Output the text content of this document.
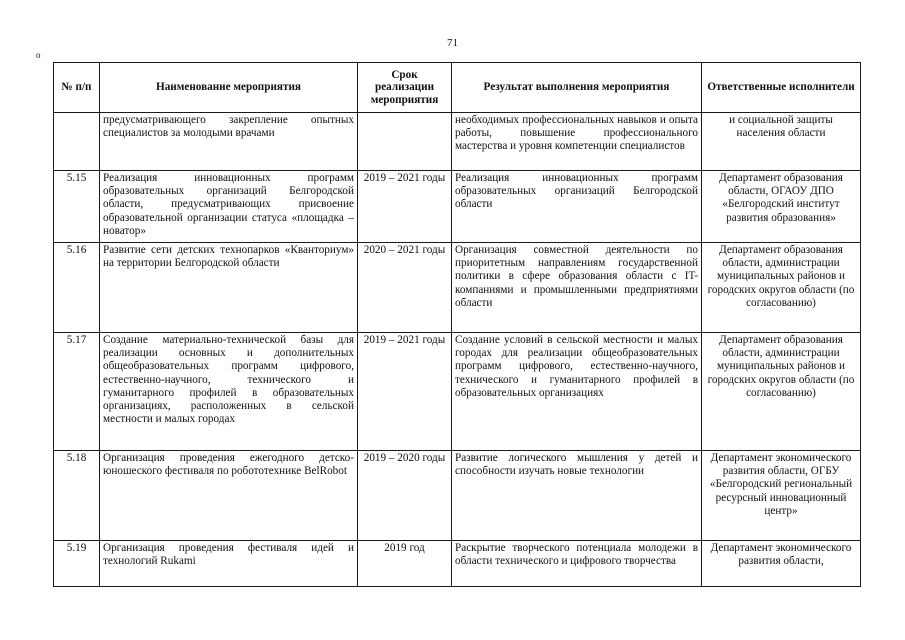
71
о
№ п/п	Наименование мероприятия	Срок реализации мероприятия	Результат выполнения мероприятия	Ответственные исполнители
	предусматривающего закрепление опытных специалистов за молодыми врачами		необходимых профессиональных навыков и опыта работы, повышение профессионального мастерства и уровня компетенции специалистов	и социальной защиты населения области
5.15	Реализация инновационных программ образовательных организаций Белгородской области, предусматривающих присвоение образовательной организации статуса «площадка – новатор»	2019 – 2021 годы	Реализация инновационных программ образовательных организаций Белгородской области	Департамент образования области, ОГАОУ ДПО «Белгородский институт развития образования»
5.16	Развитие сети детских технопарков «Кванториум» на территории Белгородской области	2020 – 2021 годы	Организация совместной деятельности по приоритетным направлениям государственной политики в сфере образования области с IT-компаниями и промышленными предприятиями области	Департамент образования области, администрации муниципальных районов и городских округов области (по согласованию)
5.17	Создание материально-технической базы для реализации основных и дополнительных общеобразовательных программ цифрового, естественно-научного, технического и гуманитарного профилей в образовательных организациях, расположенных в сельской местности и малых городах	2019 – 2021 годы	Создание условий в сельской местности и малых городах для реализации общеобразовательных программ цифрового, естественно-научного, технического и гуманитарного профилей в образовательных организациях	Департамент образования области, администрации муниципальных районов и городских округов области (по согласованию)
5.18	Организация проведения ежегодного детско-юношеского фестиваля по робототехнике BelRobot	2019 – 2020 годы	Развитие логического мышления у детей и способности изучать новые технологии	Департамент экономического развития области, ОГБУ «Белгородский региональный ресурсный инновационный центр»
5.19	Организация проведения фестиваля идей и технологий Rukami	2019 год	Раскрытие творческого потенциала молодежи в области технического и цифрового творчества	Департамент экономического развития области,
